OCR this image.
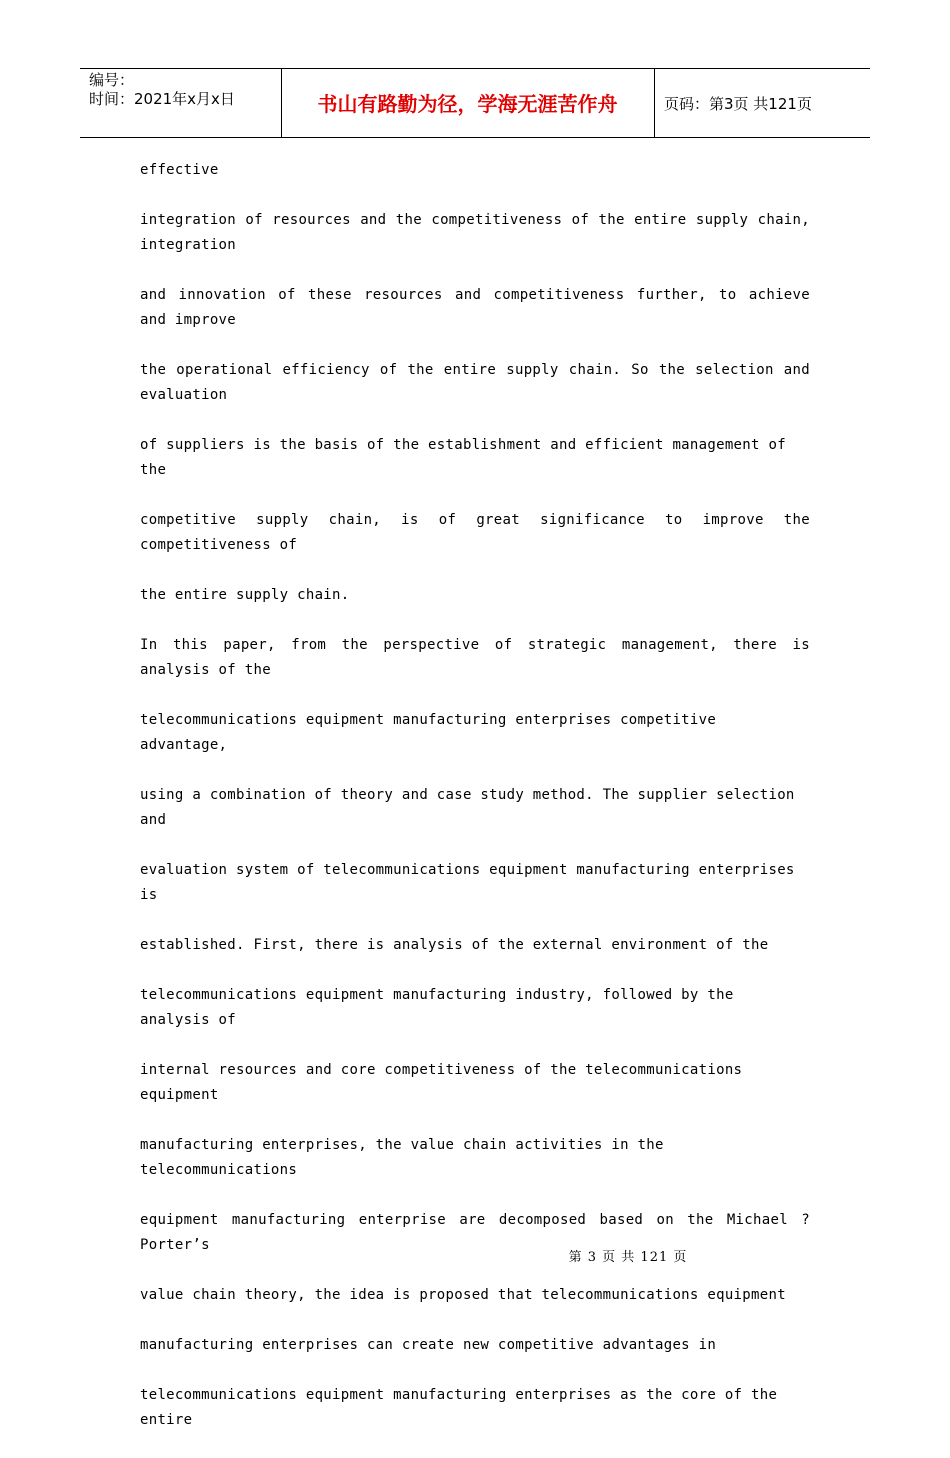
编号：
时间：2021年x月x日	书山有路勤为径，学海无涯苦作舟	页码：第3页 共121页

effective

integration of resources and the competitiveness of the entire supply chain, integration

and innovation of these resources and competitiveness further, to achieve and improve

the operational efficiency of the entire supply chain. So the selection and evaluation

of suppliers is the basis of the establishment and efficient management of the

competitive supply chain, is of great significance to improve the competitiveness of

the entire supply chain.

In this paper, from the perspective of strategic management, there is analysis of the

telecommunications equipment manufacturing enterprises competitive advantage,

using a combination of theory and case study method. The supplier selection and

evaluation system of telecommunications equipment manufacturing enterprises is

established. First, there is analysis of the external environment of the

telecommunications equipment manufacturing industry, followed by the analysis of

internal resources and core competitiveness of the telecommunications equipment

manufacturing enterprises, the value chain activities in the telecommunications

equipment manufacturing enterprise are decomposed based on the Michael ? Porter’s

value chain theory, the idea is proposed that telecommunications equipment

manufacturing enterprises can create new competitive advantages in

telecommunications equipment manufacturing enterprises as the core of the entire

第 3 页 共 121 页
